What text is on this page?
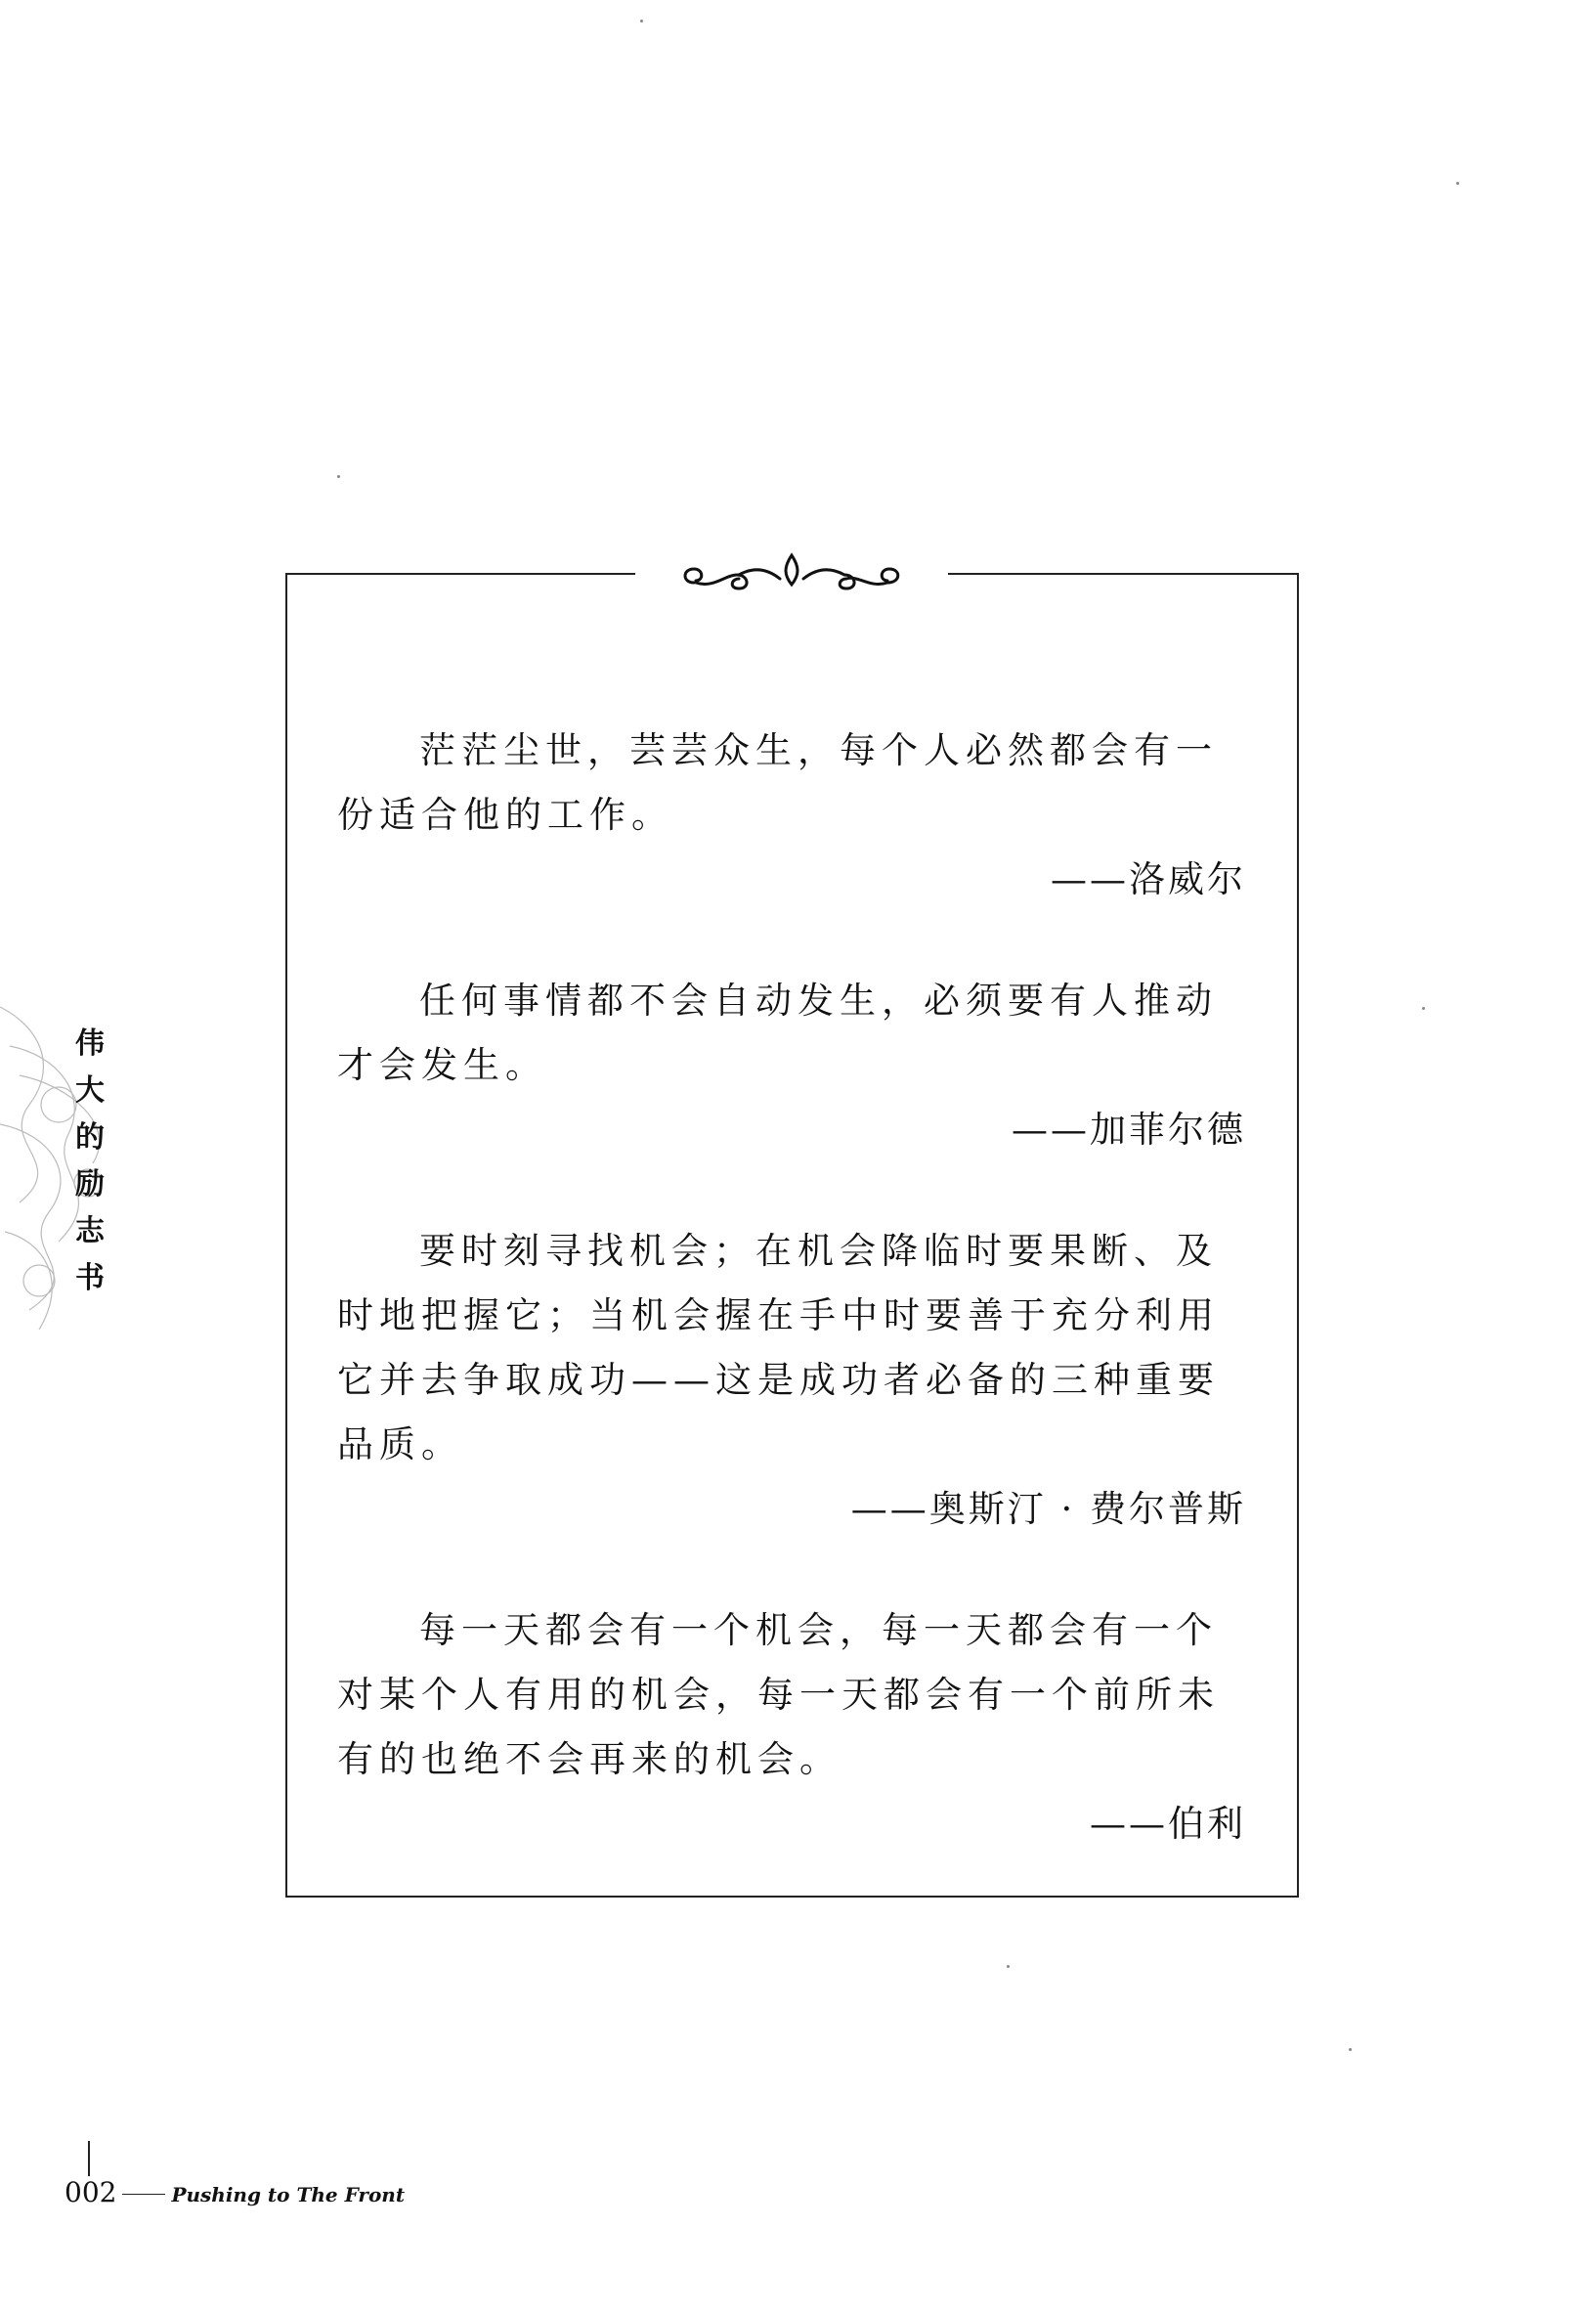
伟
大
的
励
志
书

茫茫尘世，芸芸众生，每个人必然都会有一份适合他的工作。

——洛威尔

任何事情都不会自动发生，必须要有人推动才会发生。

——加菲尔德

要时刻寻找机会；在机会降临时要果断、及时地把握它；当机会握在手中时要善于充分利用它并去争取成功——这是成功者必备的三种重要品质。

——奥斯汀 · 费尔普斯

每一天都会有一个机会，每一天都会有一个对某个人有用的机会，每一天都会有一个前所未有的也绝不会再来的机会。

——伯利

002	Pushing to The Front
